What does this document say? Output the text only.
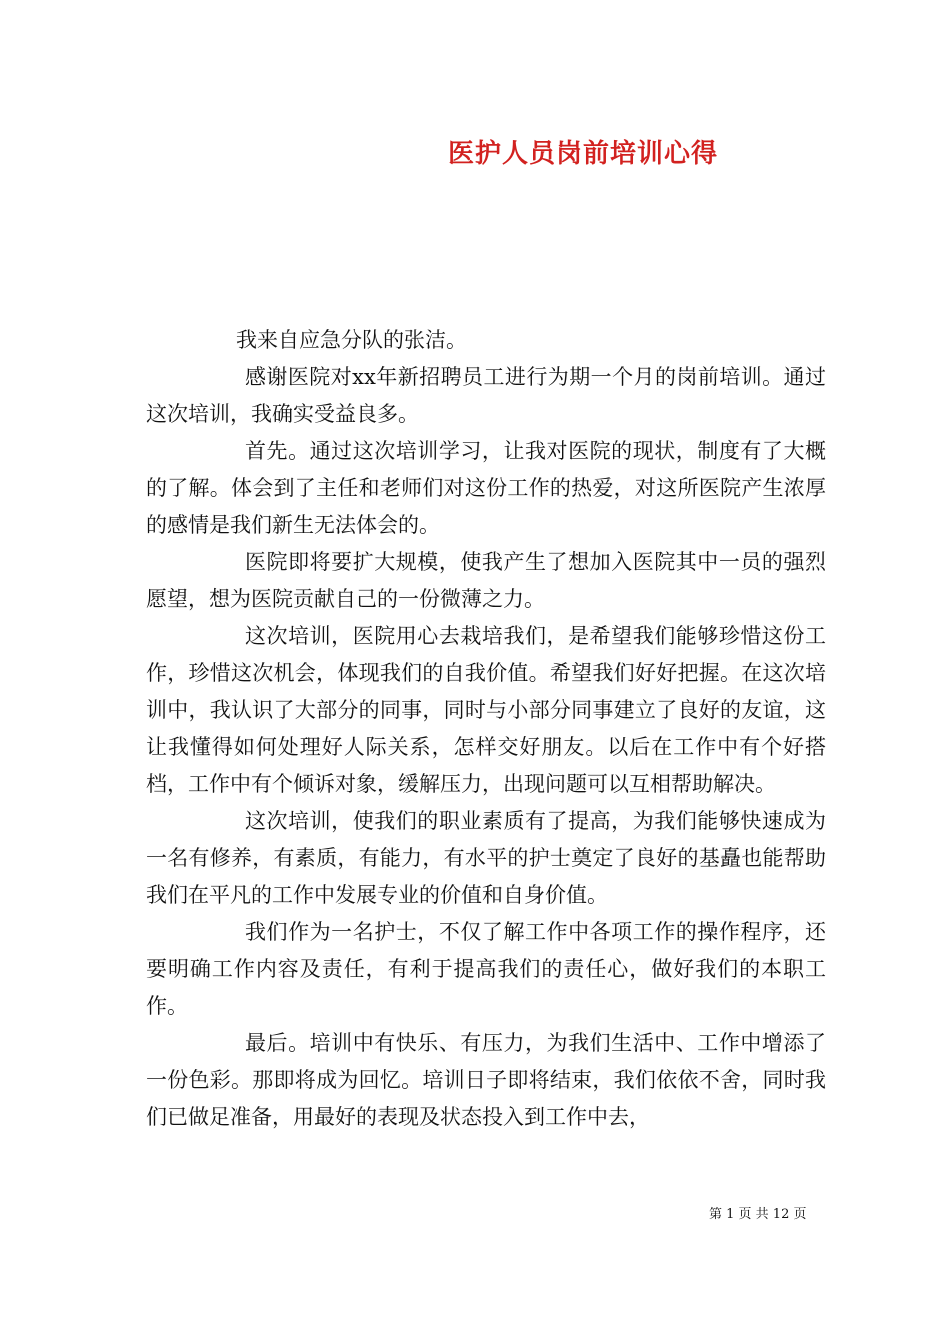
医护人员岗前培训心得

我来自应急分队的张洁。

感谢医院对xx年新招聘员工进行为期一个月的岗前培训。通过这次培训，我确实受益良多。

首先。通过这次培训学习，让我对医院的现状，制度有了大概的了解。体会到了主任和老师们对这份工作的热爱，对这所医院产生浓厚的感情是我们新生无法体会的。

医院即将要扩大规模，使我产生了想加入医院其中一员的强烈愿望，想为医院贡献自己的一份微薄之力。

这次培训，医院用心去栽培我们，是希望我们能够珍惜这份工作，珍惜这次机会，体现我们的自我价值。希望我们好好把握。在这次培训中，我认识了大部分的同事，同时与小部分同事建立了良好的友谊，这让我懂得如何处理好人际关系，怎样交好朋友。以后在工作中有个好搭档，工作中有个倾诉对象，缓解压力，出现问题可以互相帮助解决。

这次培训，使我们的职业素质有了提高，为我们能够快速成为一名有修养，有素质，有能力，有水平的护士奠定了良好的基矗也能帮助我们在平凡的工作中发展专业的价值和自身价值。

我们作为一名护士，不仅了解工作中各项工作的操作程序，还要明确工作内容及责任，有利于提高我们的责任心，做好我们的本职工作。

最后。培训中有快乐、有压力，为我们生活中、工作中增添了一份色彩。那即将成为回忆。培训日子即将结束，我们依依不舍，同时我们已做足准备，用最好的表现及状态投入到工作中去，

第 1 页 共 12 页
